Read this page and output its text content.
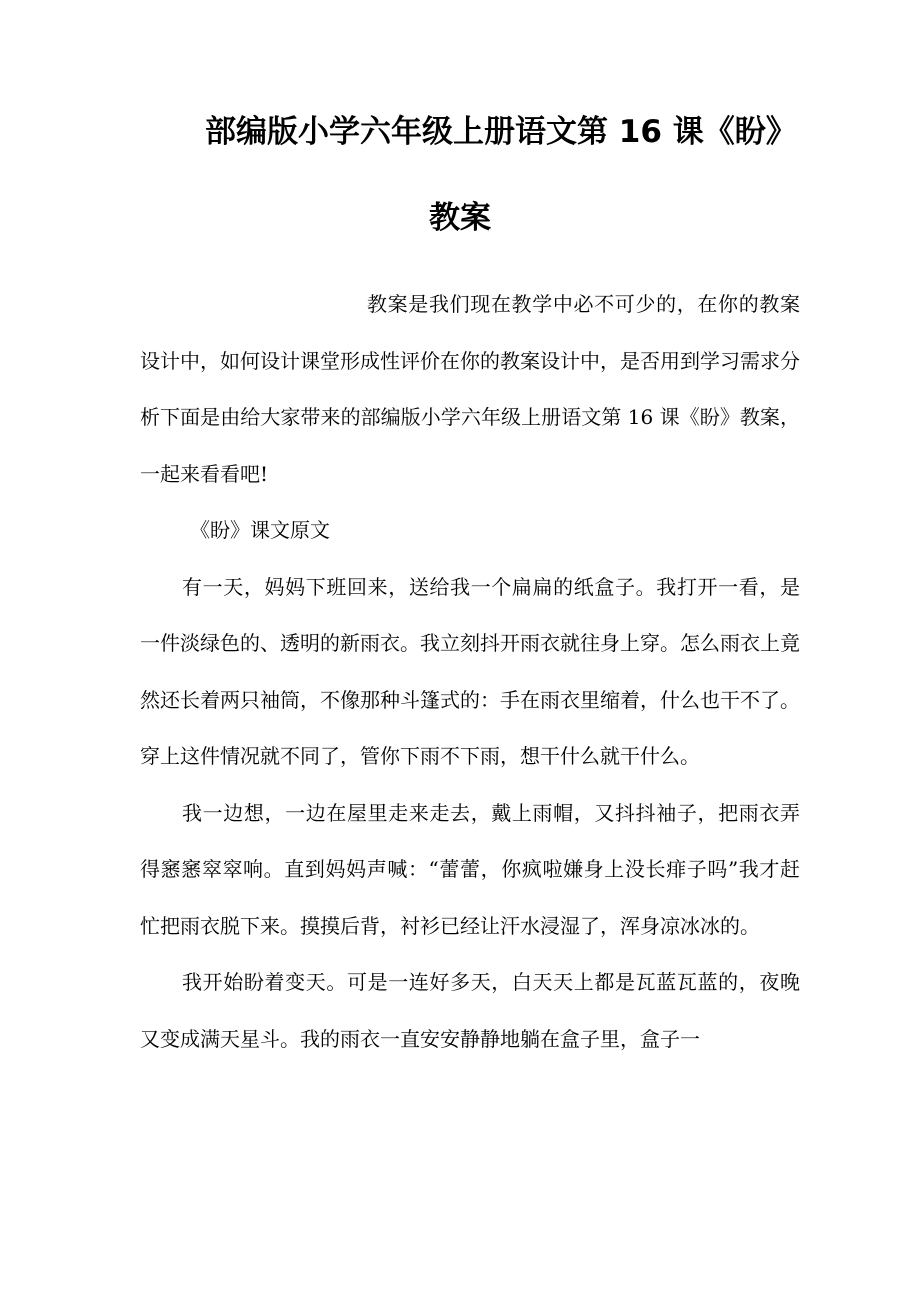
部编版小学六年级上册语文第 16 课《盼》
教案

教案是我们现在教学中必不可少的，在你的教案设计中，如何设计课堂形成性评价在你的教案设计中，是否用到学习需求分析下面是由给大家带来的部编版小学六年级上册语文第 16 课《盼》教案，一起来看看吧!

《盼》课文原文

有一天，妈妈下班回来，送给我一个扁扁的纸盒子。我打开一看，是一件淡绿色的、透明的新雨衣。我立刻抖开雨衣就往身上穿。怎么雨衣上竟然还长着两只袖筒，不像那种斗篷式的：手在雨衣里缩着，什么也干不了。穿上这件情况就不同了，管你下雨不下雨，想干什么就干什么。

我一边想，一边在屋里走来走去，戴上雨帽，又抖抖袖子，把雨衣弄得窸窸窣窣响。直到妈妈声喊：“蕾蕾，你疯啦嫌身上没长痱子吗”我才赶忙把雨衣脱下来。摸摸后背，衬衫已经让汗水浸湿了，浑身凉冰冰的。

我开始盼着变天。可是一连好多天，白天天上都是瓦蓝瓦蓝的，夜晚又变成满天星斗。我的雨衣一直安安静静地躺在盒子里，盒子一
